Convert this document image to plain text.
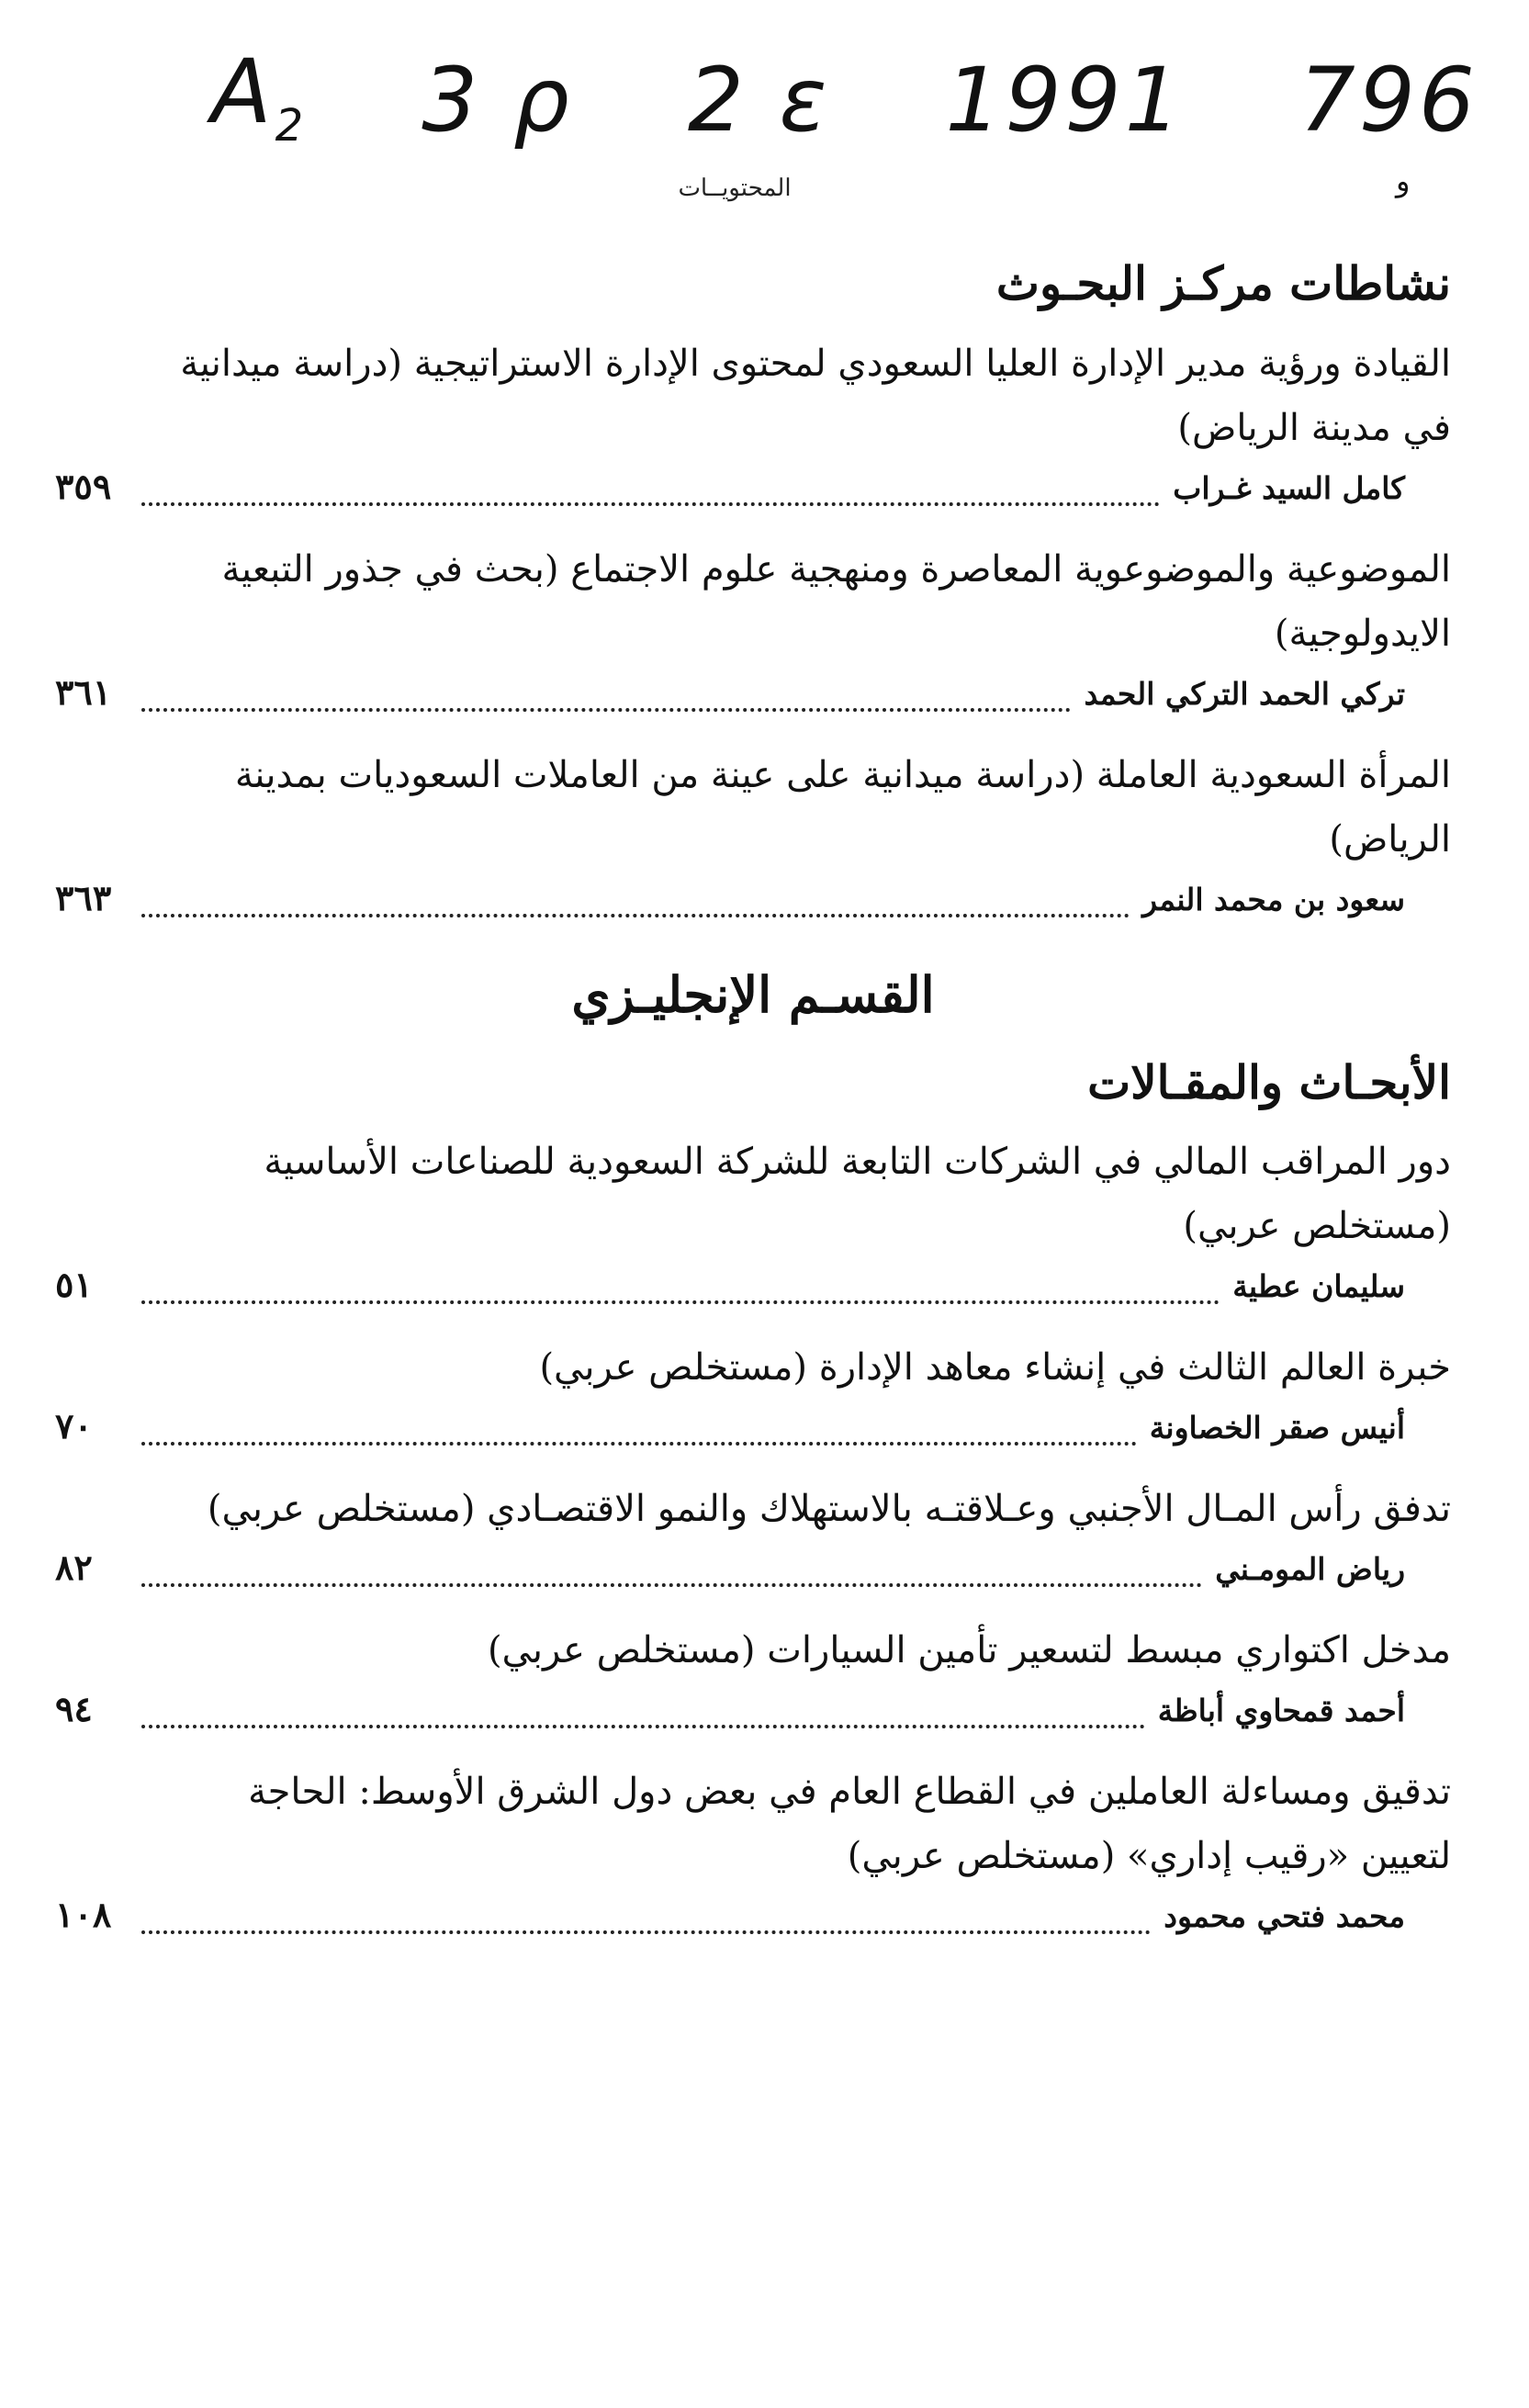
$A_2$ 3 ρ 2 ε 1991 796
المحتويــات	و
نشاطات مركـز البحـوث
القيادة ورؤية مدير الإدارة العليا السعودي لمحتوى الإدارة الاستراتيجية (دراسة ميدانية في مدينة الرياض)
كامل السيد غـراب
٣٥٩
الموضوعية والموضوعوية المعاصرة ومنهجية علوم الاجتماع (بحث في جذور التبعية الايدولوجية)
تركي الحمد التركي الحمد
٣٦١
المرأة السعودية العاملة (دراسة ميدانية على عينة من العاملات السعوديات بمدينة الرياض)
سعود بن محمد النمر
٣٦٣
القسـم الإنجليـزي
الأبحـاث والمقـالات
دور المراقب المالي في الشركات التابعة للشركة السعودية للصناعات الأساسية (مستخلص عربي)
سليمان عطية
٥١
خبرة العالم الثالث في إنشاء معاهد الإدارة (مستخلص عربي)
أنيس صقر الخصاونة
٧٠
تدفق رأس المـال الأجنبي وعـلاقتـه بالاستهلاك والنمو الاقتصـادي (مستخلص عربي)
رياض المومـني
٨٢
مدخل اكتواري مبسط لتسعير تأمين السيارات (مستخلص عربي)
أحمد قمحاوي أباظة
٩٤
تدقيق ومساءلة العاملين في القطاع العام في بعض دول الشرق الأوسط: الحاجة لتعيين «رقيب إداري» (مستخلص عربي)
محمد فتحي محمود
١٠٨
